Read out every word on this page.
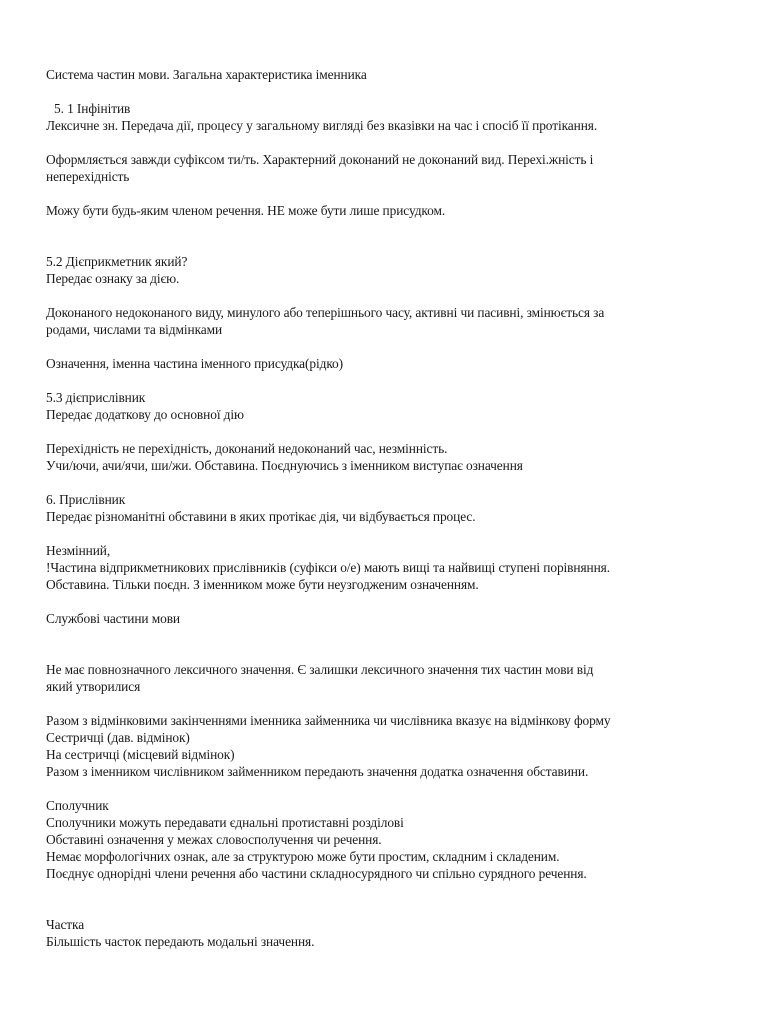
Система частин мови. Загальна характеристика іменника
5. 1 Інфінітив
Лексичне зн. Передача дії, процесу у загальному вигляді без вказівки на час і спосіб її протікання.
Оформляється завжди суфіксом ти/ть. Характерний доконаний не доконаний вид. Перехі.жність і
неперехідність
Можу бути будь-яким членом речення. НЕ може бути лише присудком.
5.2 Дієприкметник який?
Передає ознаку за дією.
Доконаного недоконаного виду, минулого або теперішнього часу, активні чи пасивні, змінюється за
родами, числами та відмінками
Означення, іменна частина іменного присудка(рідко)
5.3 дієприслівник
Передає додаткову до основної дію
Перехідність не перехідність, доконаний недоконаний час, незмінність.
Учи/ючи, ачи/ячи, ши/жи. Обставина. Поєднуючись з іменником виступає означення
6. Прислівник
Передає різноманітні обставини в яких протікає дія, чи відбувається процес.
Незмінний,
!Частина відприкметникових прислівників (суфікси о/е) мають вищі та найвищі ступені порівняння.
Обставина. Тільки поєдн. З іменником може бути неузгодженим означенням.
Службові частини мови
Не має повнозначного лексичного значення. Є залишки лексичного значення тих частин мови від
який утворилися
Разом з відмінковими закінченнями іменника займенника чи числівника вказує на відмінкову форму
Сестричці (дав. відмінок)
На сестричці (місцевий відмінок)
Разом з іменником числівником займенником передають значення додатка означення обставини.
Сполучник
Сполучники можуть передавати єднальні протиставні розділові
Обставині означення у межах словосполучення чи речення.
Немає морфологічних ознак, але за структурою може бути простим, складним і складеним.
Поєднує однорідні члени речення або частини складносурядного чи спільно сурядного речення.
Частка
Більшість часток передають модальні значення.
